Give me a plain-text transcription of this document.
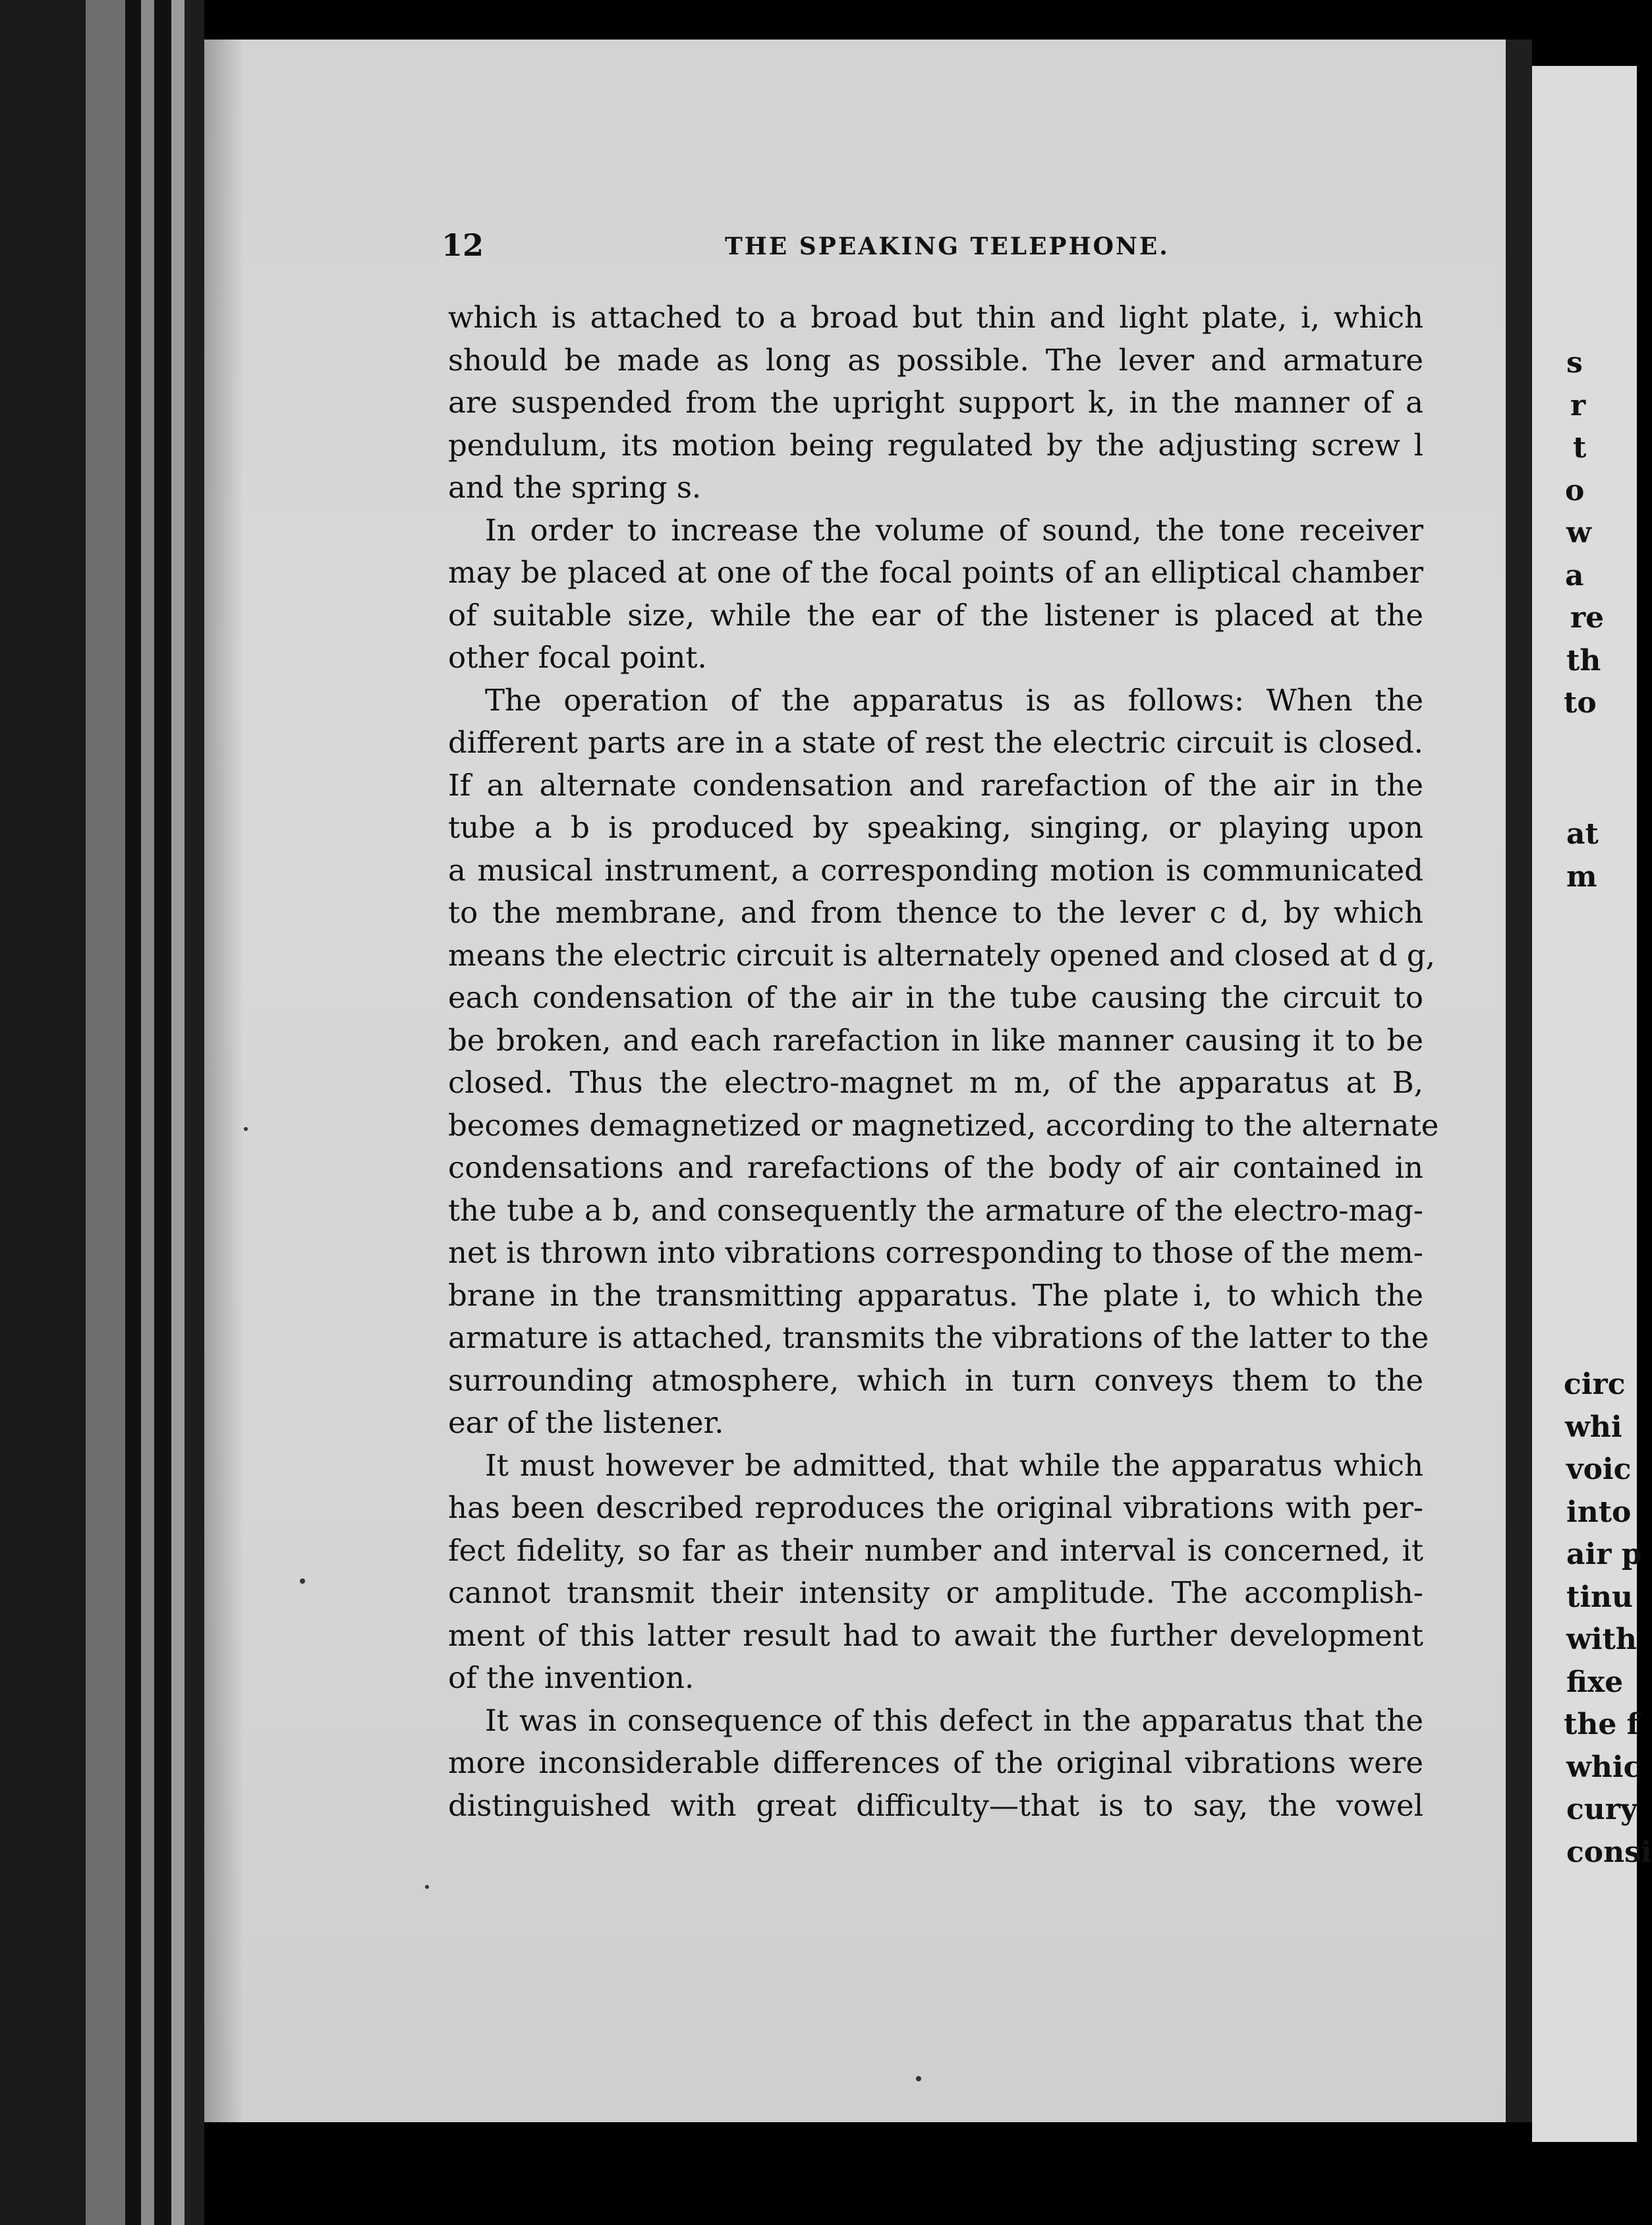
s
r
t
o
w
a
re
th
to
at
m
circ
whi
voic
into
air p
tinu
with
fixe
the f
whic
cury
consi
12	THE SPEAKING TELEPHONE.

which is attached to a broad but thin and light plate, i, which
should be made as long as possible. The lever and armature
are suspended from the upright support k, in the manner of a
pendulum, its motion being regulated by the adjusting screw l
and the spring s.

In order to increase the volume of sound, the tone receiver
may be placed at one of the focal points of an elliptical chamber
of suitable size, while the ear of the listener is placed at the
other focal point.

The operation of the apparatus is as follows: When the
different parts are in a state of rest the electric circuit is closed.
If an alternate condensation and rarefaction of the air in the
tube a b is produced by speaking, singing, or playing upon
a musical instrument, a corresponding motion is communicated
to the membrane, and from thence to the lever c d, by which
means the electric circuit is alternately opened and closed at d g,
each condensation of the air in the tube causing the circuit to
be broken, and each rarefaction in like manner causing it to be
closed. Thus the electro-magnet m m, of the apparatus at B,
becomes demagnetized or magnetized, according to the alternate
condensations and rarefactions of the body of air contained in
the tube a b, and consequently the armature of the electro-mag-
net is thrown into vibrations corresponding to those of the mem-
brane in the transmitting apparatus. The plate i, to which the
armature is attached, transmits the vibrations of the latter to the
surrounding atmosphere, which in turn conveys them to the
ear of the listener.

It must however be admitted, that while the apparatus which
has been described reproduces the original vibrations with per-
fect fidelity, so far as their number and interval is concerned, it
cannot transmit their intensity or amplitude. The accomplish-
ment of this latter result had to await the further development
of the invention.

It was in consequence of this defect in the apparatus that the
more inconsiderable differences of the original vibrations were
distinguished with great difficulty—that is to say, the vowel
